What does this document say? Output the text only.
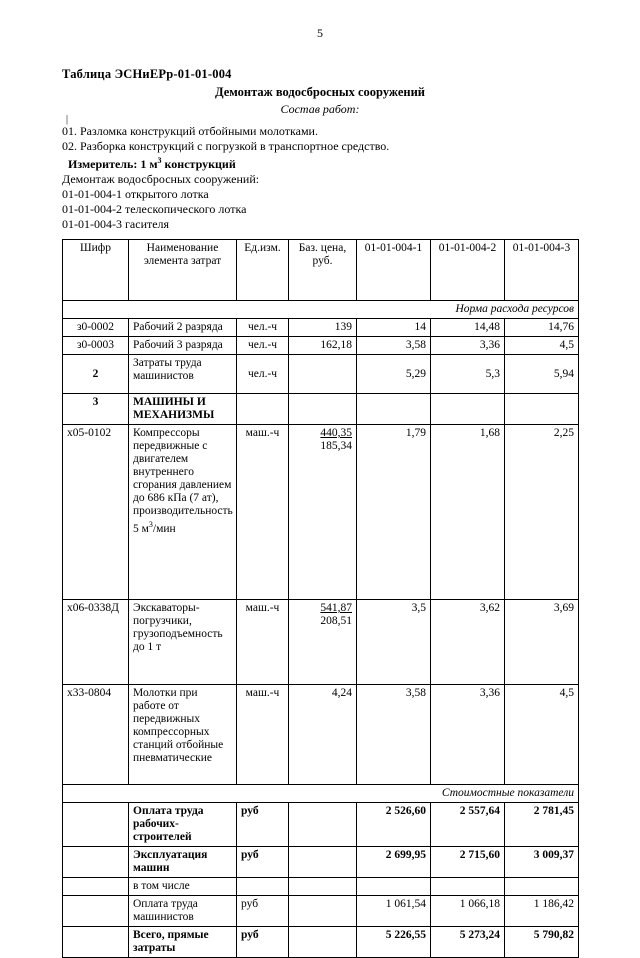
5
Таблица ЭСНиЕРр-01-01-004
Демонтаж водосбросных сооружений
Состав работ:
|
01. Разломка конструкций отбойными молотками.
02. Разборка конструкций с погрузкой в транспортное средство.
Измеритель: 1 $м^3$ конструкций
Демонтаж водосбросных сооружений:
01-01-004-1 открытого лотка
01-01-004-2 телескопического лотка
01-01-004-3 гасителя
Шифр	Наименование элемента затрат	Ед.изм.	Баз. цена, руб.	01-01-004-1	01-01-004-2	01-01-004-3
Норма расхода ресурсов						
з0-0002	Рабочий 2 разряда	чел.-ч	139	14	14,48	14,76
з0-0003	Рабочий 3 разряда	чел.-ч	162,18	3,58	3,36	4,5
2	Затраты труда машинистов	чел.-ч		5,29	5,3	5,94
3	МАШИНЫ И МЕХАНИЗМЫ					
х05-0102	Компрессоры передвижные с двигателем внутреннего сгорания давлением до 686 кПа (7 ат), производительность 5 $м^3$/мин	маш.-ч	440,35
185,34	1,79	1,68	2,25
х06-0338Д	Экскаваторы-погрузчики, грузоподъемность до 1 т	маш.-ч	541,87
208,51	3,5	3,62	3,69
х33-0804	Молотки при работе от передвижных компрессорных станций отбойные пневматические	маш.-ч	4,24	3,58	3,36	4,5
Стоимостные показатели						
	Оплата труда рабочих-строителей	руб		2 526,60	2 557,64	2 781,45
	Эксплуатация машин	руб		2 699,95	2 715,60	3 009,37
	в том числе					
	Оплата труда машинистов	руб		1 061,54	1 066,18	1 186,42
	Всего, прямые затраты	руб		5 226,55	5 273,24	5 790,82
